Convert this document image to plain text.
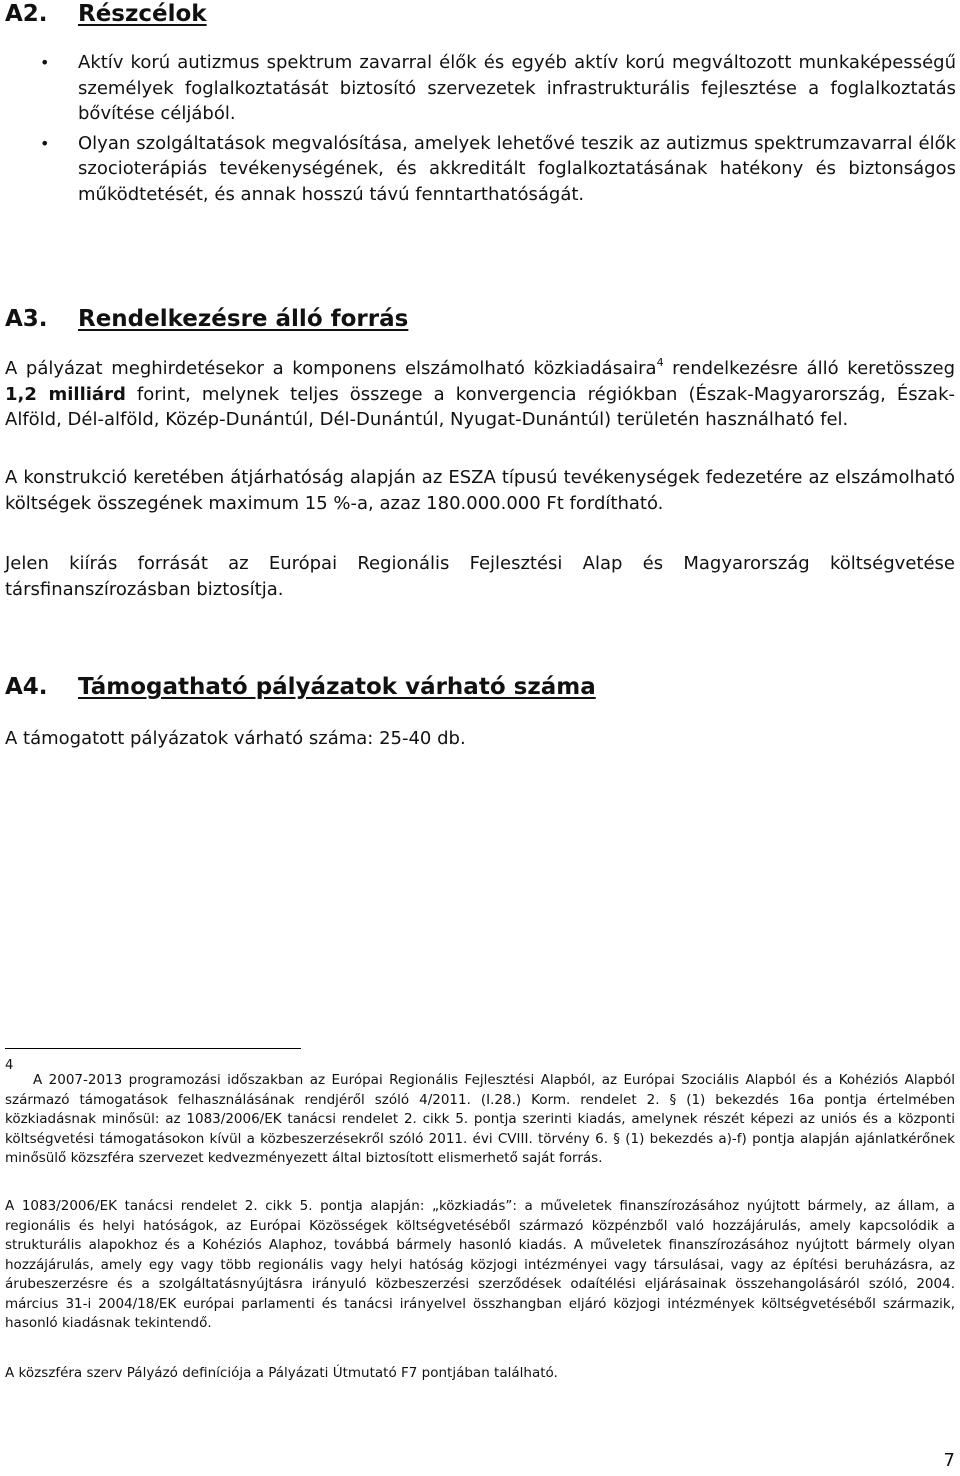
A2. Részcélok
• Aktív korú autizmus spektrum zavarral élők és egyéb aktív korú megváltozott munkaképességű személyek foglalkoztatását biztosító szervezetek infrastrukturális fejlesztése a foglalkoztatás bővítése céljából.
• Olyan szolgáltatások megvalósítása, amelyek lehetővé teszik az autizmus spektrumzavarral élők szocioterápiás tevékenységének, és akkreditált foglalkoztatásának hatékony és biztonságos működtetését, és annak hosszú távú fenntarthatóságát.
A3. Rendelkezésre álló forrás

A pályázat meghirdetésekor a komponens elszámolható közkiadásaira$^4$ rendelkezésre álló keretösszeg 1,2 milliárd forint, melynek teljes összege a konvergencia régiókban (Észak-Magyarország, Észak-Alföld, Dél-alföld, Közép-Dunántúl, Dél-Dunántúl, Nyugat-Dunántúl) területén használható fel.

A konstrukció keretében átjárhatóság alapján az ESZA típusú tevékenységek fedezetére az elszámolható költségek összegének maximum 15 %-a, azaz 180.000.000 Ft fordítható.

Jelen kiírás forrását az Európai Regionális Fejlesztési Alap és Magyarország költségvetése társfinanszírozásban biztosítja.

A4. Támogatható pályázatok várható száma

A támogatott pályázatok várható száma: 25-40 db.

4

A 2007-2013 programozási időszakban az Európai Regionális Fejlesztési Alapból, az Európai Szociális Alapból és a Kohéziós Alapból származó támogatások felhasználásának rendjéről szóló 4/2011. (I.28.) Korm. rendelet 2. § (1) bekezdés 16a pontja értelmében közkiadásnak minősül: az 1083/2006/EK tanácsi rendelet 2. cikk 5. pontja szerinti kiadás, amelynek részét képezi az uniós és a központi költségvetési támogatásokon kívül a közbeszerzésekről szóló 2011. évi CVIII. törvény 6. § (1) bekezdés a)-f) pontja alapján ajánlatkérőnek minősülő közszféra szervezet kedvezményezett által biztosított elismerhető saját forrás.

A 1083/2006/EK tanácsi rendelet 2. cikk 5. pontja alapján: „közkiadás”: a műveletek finanszírozásához nyújtott bármely, az állam, a regionális és helyi hatóságok, az Európai Közösségek költségvetéséből származó közpénzből való hozzájárulás, amely kapcsolódik a strukturális alapokhoz és a Kohéziós Alaphoz, továbbá bármely hasonló kiadás. A műveletek finanszírozásához nyújtott bármely olyan hozzájárulás, amely egy vagy több regionális vagy helyi hatóság közjogi intézményei vagy társulásai, vagy az építési beruházásra, az árubeszerzésre és a szolgáltatásnyújtásra irányuló közbeszerzési szerződések odaítélési eljárásainak összehangolásáról szóló, 2004. március 31-i 2004/18/EK európai parlamenti és tanácsi irányelvel összhangban eljáró közjogi intézmények költségvetéséből származik, hasonló kiadásnak tekintendő.

A közszféra szerv Pályázó definíciója a Pályázati Útmutató F7 pontjában található.

7
